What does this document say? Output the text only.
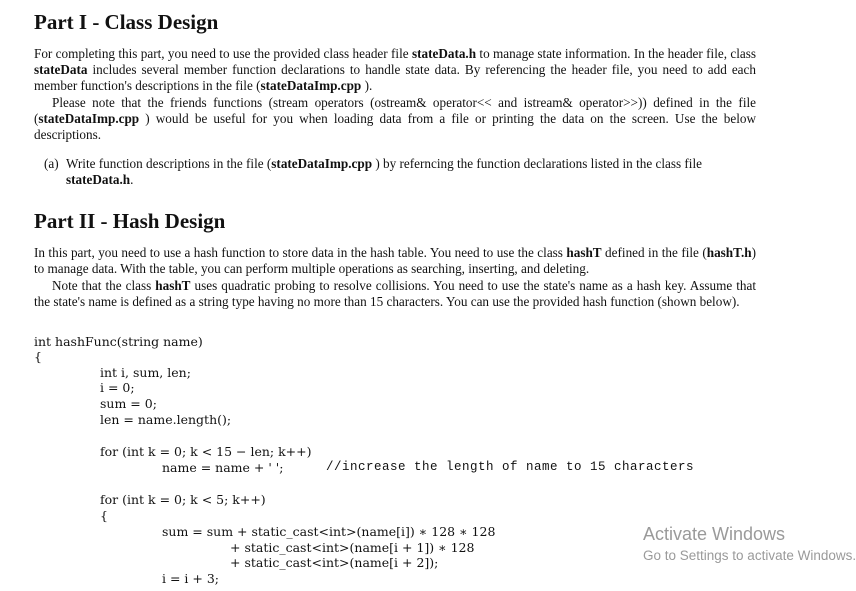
Part I - Class Design
For completing this part, you need to use the provided class header file stateData.h to manage state information. In the header file, class stateData includes several member function declarations to handle state data. By referencing the header file, you need to add each member function's descriptions in the file (stateDataImp.cpp ).
Please note that the friends functions (stream operators (ostream& operator<< and istream& operator>>)) defined in the file (stateDataImp.cpp ) would be useful for you when loading data from a file or printing the data on the screen. Use the below descriptions.
(a) Write function descriptions in the file (stateDataImp.cpp ) by referncing the function declarations listed in the class file stateData.h.
Part II - Hash Design
In this part, you need to use a hash function to store data in the hash table. You need to use the class hashT defined in the file (hashT.h) to manage data. With the table, you can perform multiple operations as searching, inserting, and deleting.
Note that the class hashT uses quadratic probing to resolve collisions. You need to use the state's name as a hash key. Assume that the state's name is defined as a string type having no more than 15 characters. You can use the provided hash function (shown below).
int hashFunc(string name)
{
int i, sum, len;
i = 0;
sum = 0;
len = name.length();
for (int k = 0; k < 15 − len; k++)
name = name + ' ';	//increase the length of name to 15 characters
for (int k = 0; k < 5; k++)
{
sum = sum + static_cast<int>(name[i]) ∗ 128 ∗ 128
+ static_cast<int>(name[i + 1]) ∗ 128
+ static_cast<int>(name[i + 2]);
i = i + 3;
Activate Windows
Go to Settings to activate Windows.
